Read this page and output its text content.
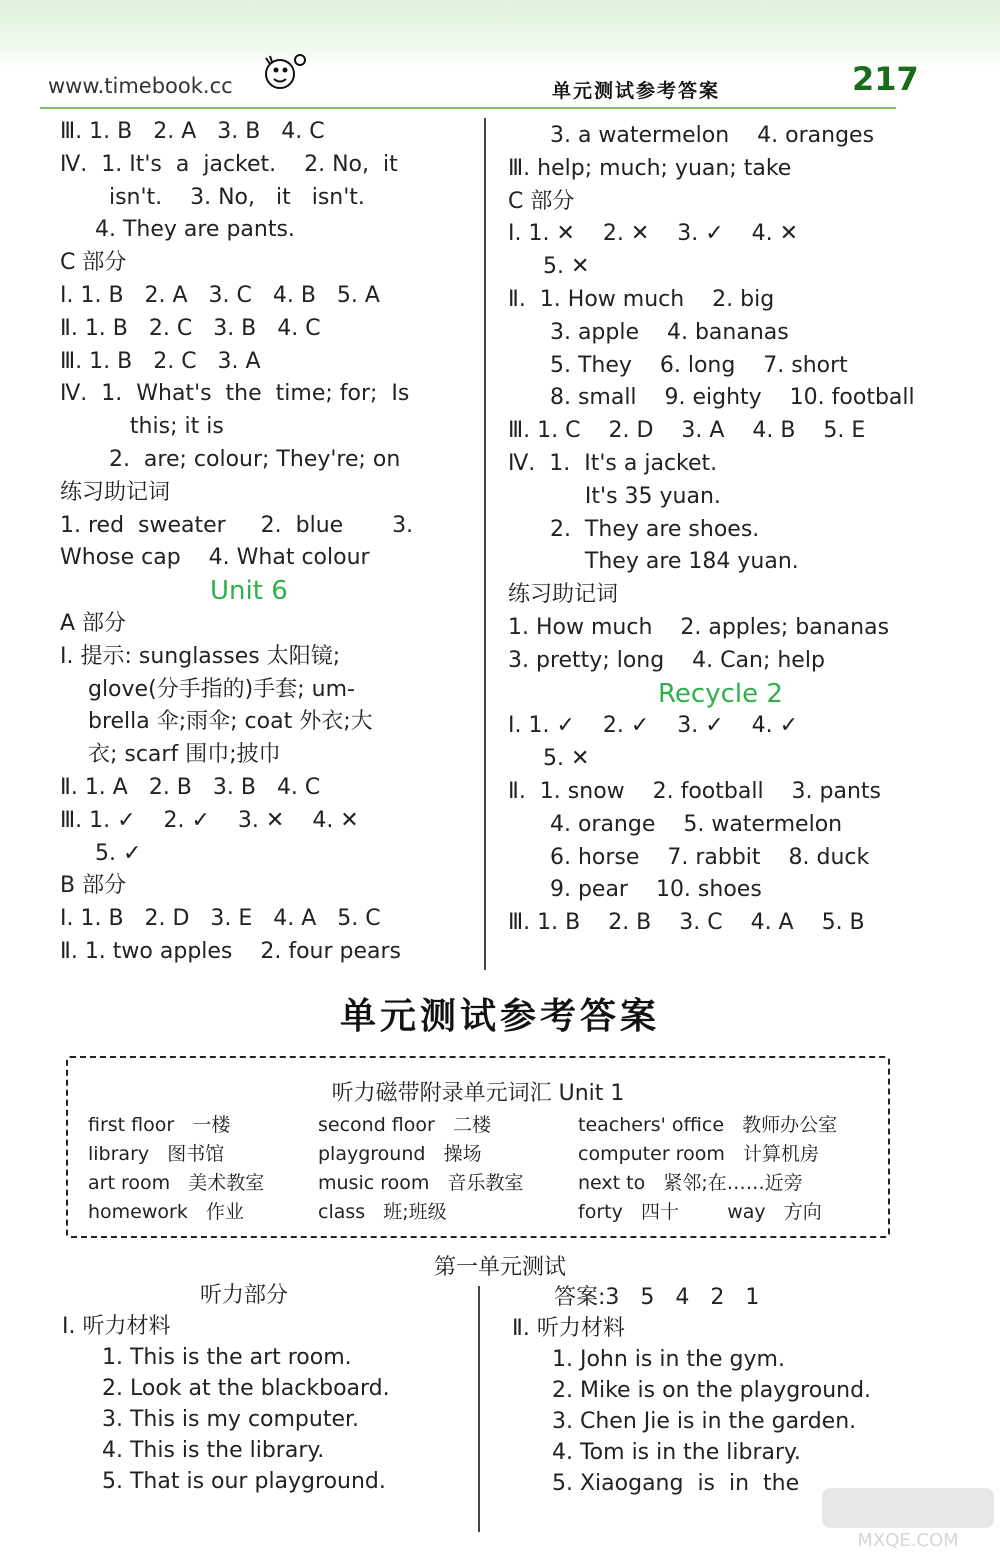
www.timebook.cc	单元测试参考答案	217
Ⅲ. 1. B   2. A   3. B   4. C
Ⅳ.  1. It's  a  jacket.    2. No,  it
isn't.    3. No,   it   isn't.
4. They are pants.
C 部分
Ⅰ. 1. B   2. A   3. C   4. B   5. A
Ⅱ. 1. B   2. C   3. B   4. C
Ⅲ. 1. B   2. C   3. A
Ⅳ.  1.  What's  the  time; for;  Is
this; it is
2.  are; colour; They're; on
练习助记词
1. red  sweater     2.  blue       3.
Whose cap    4. What colour
Unit 6
A 部分
Ⅰ. 提示: sunglasses 太阳镜;
glove(分手指的)手套; um-
brella 伞;雨伞; coat 外衣;大
衣; scarf 围巾;披巾
Ⅱ. 1. A   2. B   3. B   4. C
Ⅲ. 1. ✓    2. ✓    3. ✕    4. ✕
5. ✓
B 部分
Ⅰ. 1. B   2. D   3. E   4. A   5. C
Ⅱ. 1. two apples    2. four pears
3. a watermelon    4. oranges
Ⅲ. help; much; yuan; take
C 部分
Ⅰ. 1. ✕    2. ✕    3. ✓    4. ✕
5. ✕
Ⅱ.  1. How much    2. big
3. apple    4. bananas
5. They    6. long    7. short
8. small    9. eighty    10. football
Ⅲ. 1. C    2. D    3. A    4. B    5. E
Ⅳ.  1.  It's a jacket.
It's 35 yuan.
2.  They are shoes.
They are 184 yuan.
练习助记词
1. How much    2. apples; bananas
3. pretty; long    4. Can; help
Recycle 2
Ⅰ. 1. ✓    2. ✓    3. ✓    4. ✓
5. ✕
Ⅱ.  1. snow    2. football    3. pants
4. orange    5. watermelon
6. horse    7. rabbit    8. duck
9. pear    10. shoes
Ⅲ. 1. B    2. B    3. C    4. A    5. B
单元测试参考答案
听力磁带附录单元词汇 Unit 1
first floor   一楼	second floor   二楼	teachers' office   教师办公室
library   图书馆	playground   操场	computer room   计算机房
art room   美术教室	music room   音乐教室	next to   紧邻;在……近旁
homework   作业	class   班;班级	forty   四十        way   方向
第一单元测试
听力部分
Ⅰ. 听力材料
1. This is the art room.
2. Look at the blackboard.
3. This is my computer.
4. This is the library.
5. That is our playground.
答案:3   5   4   2   1
Ⅱ. 听力材料
1. John is in the gym.
2. Mike is on the playground.
3. Chen Jie is in the garden.
4. Tom is in the library.
5. Xiaogang  is  in  the
MXQE.COM
